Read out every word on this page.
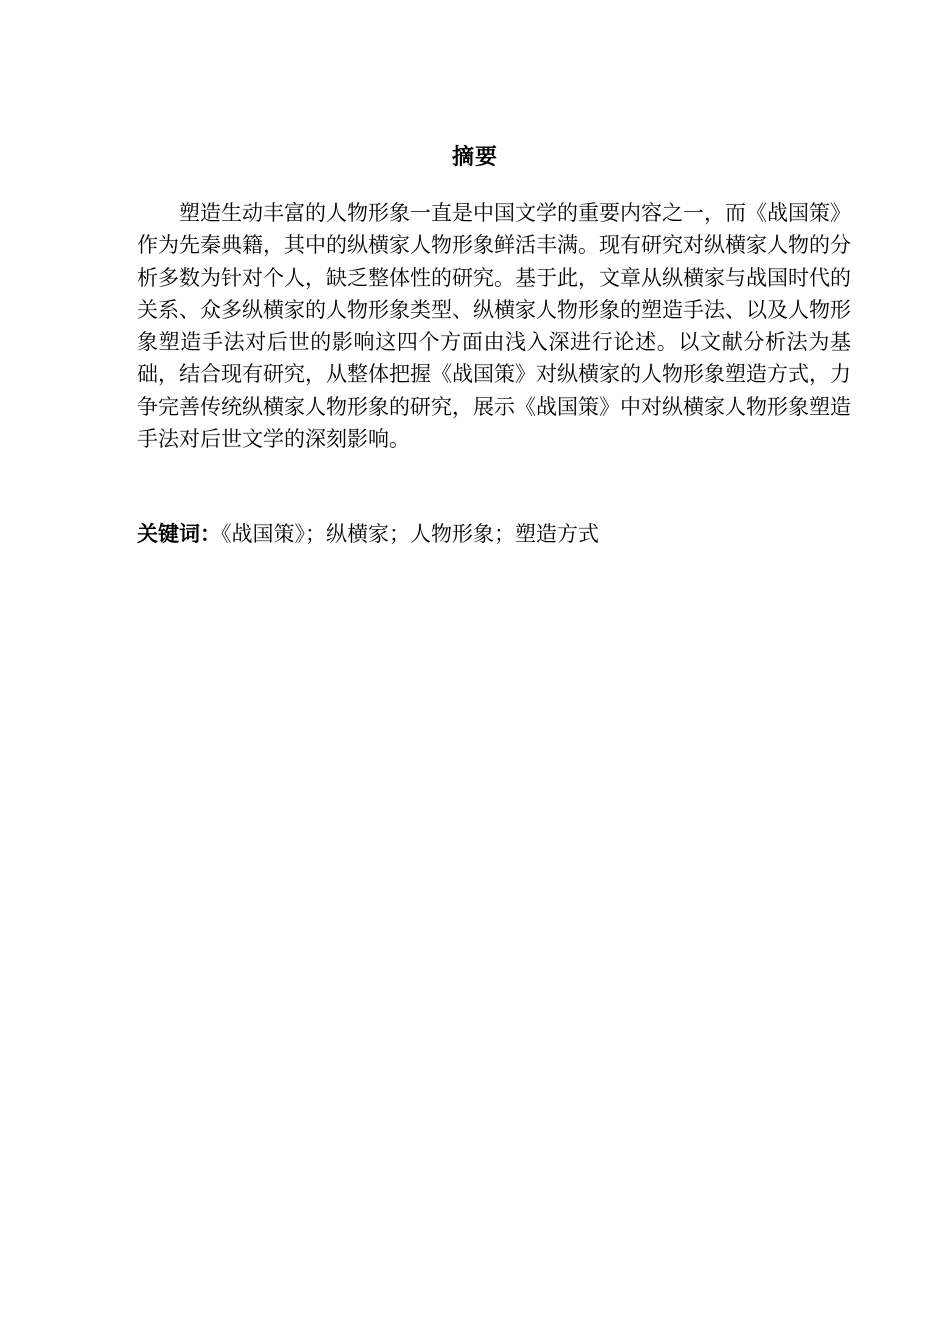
摘要

塑造生动丰富的人物形象一直是中国文学的重要内容之一，而《战国策》作为先秦典籍，其中的纵横家人物形象鲜活丰满。现有研究对纵横家人物的分析多数为针对个人，缺乏整体性的研究。基于此，文章从纵横家与战国时代的关系、众多纵横家的人物形象类型、纵横家人物形象的塑造手法、以及人物形象塑造手法对后世的影响这四个方面由浅入深进行论述。以文献分析法为基础，结合现有研究，从整体把握《战国策》对纵横家的人物形象塑造方式，力争完善传统纵横家人物形象的研究，展示《战国策》中对纵横家人物形象塑造手法对后世文学的深刻影响。

关键词：《战国策》；纵横家；人物形象；塑造方式
